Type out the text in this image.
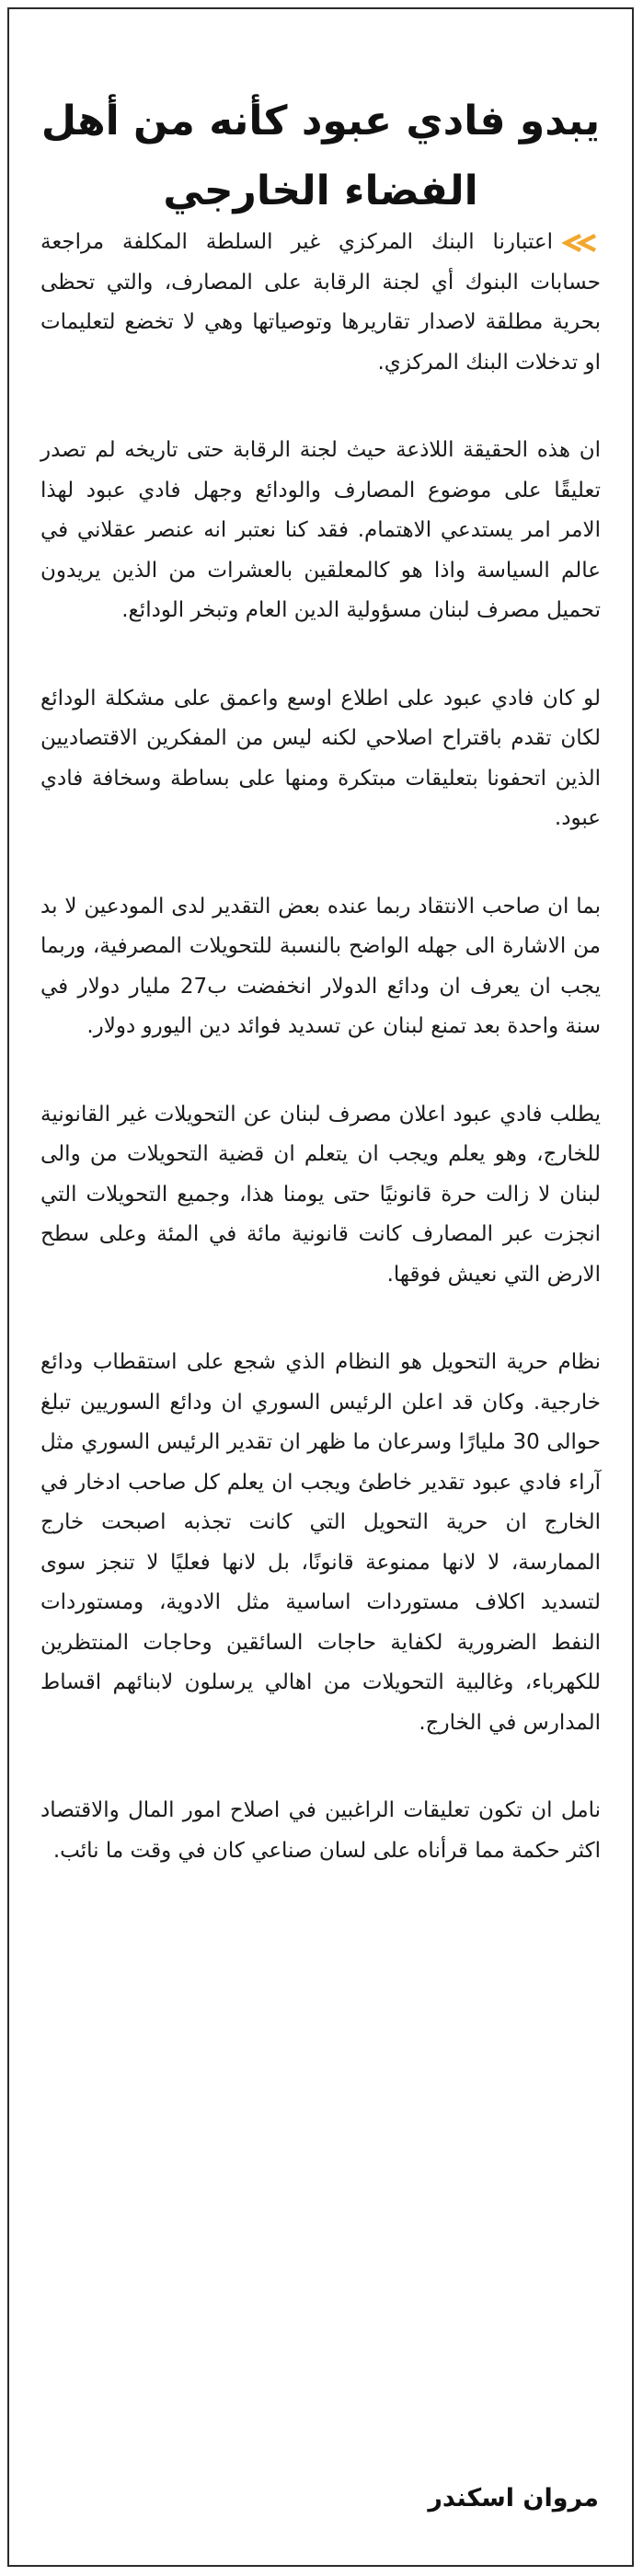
يبدو فادي عبود كأنه من أهل الفضاء الخارجي

اعتبارنا البنك المركزي غير السلطة المكلفة مراجعة حسابات البنوك أي لجنة الرقابة على المصارف، والتي تحظى بحرية مطلقة لاصدار تقاريرها وتوصياتها وهي لا تخضع لتعليمات او تدخلات البنك المركزي.

ان هذه الحقيقة اللاذعة حيث لجنة الرقابة حتى تاريخه لم تصدر تعليقًا على موضوع المصارف والودائع وجهل فادي عبود لهذا الامر امر يستدعي الاهتمام. فقد كنا نعتبر انه عنصر عقلاني في عالم السياسة واذا هو كالمعلقين بالعشرات من الذين يريدون تحميل مصرف لبنان مسؤولية الدين العام وتبخر الودائع.

لو كان فادي عبود على اطلاع اوسع واعمق على مشكلة الودائع لكان تقدم باقتراح اصلاحي لكنه ليس من المفكرين الاقتصاديين الذين اتحفونا بتعليقات مبتكرة ومنها على بساطة وسخافة فادي عبود.

بما ان صاحب الانتقاد ربما عنده بعض التقدير لدى المودعين لا بد من الاشارة الى جهله الواضح بالنسبة للتحويلات المصرفية، وربما يجب ان يعرف ان ودائع الدولار انخفضت ب27 مليار دولار في سنة واحدة بعد تمنع لبنان عن تسديد فوائد دين اليورو دولار.

يطلب فادي عبود اعلان مصرف لبنان عن التحويلات غير القانونية للخارج، وهو يعلم ويجب ان يتعلم ان قضية التحويلات من والى لبنان لا زالت حرة قانونيًا حتى يومنا هذا، وجميع التحويلات التي انجزت عبر المصارف كانت قانونية مائة في المئة وعلى سطح الارض التي نعيش فوقها.

نظام حرية التحويل هو النظام الذي شجع على استقطاب ودائع خارجية. وكان قد اعلن الرئيس السوري ان ودائع السوريين تبلغ حوالى 30 مليارًا وسرعان ما ظهر ان تقدير الرئيس السوري مثل آراء فادي عبود تقدير خاطئ ويجب ان يعلم كل صاحب ادخار في الخارج ان حرية التحويل التي كانت تجذبه اصبحت خارج الممارسة، لا لانها ممنوعة قانونًا، بل لانها فعليًا لا تنجز سوى لتسديد اكلاف مستوردات اساسية مثل الادوية، ومستوردات النفط الضرورية لكفاية حاجات السائقين وحاجات المنتظرين للكهرباء، وغالبية التحويلات من اهالي يرسلون لابنائهم اقساط المدارس في الخارج.

نامل ان تكون تعليقات الراغبين في اصلاح امور المال والاقتصاد اكثر حكمة مما قرأناه على لسان صناعي كان في وقت ما نائب.

مروان اسكندر
